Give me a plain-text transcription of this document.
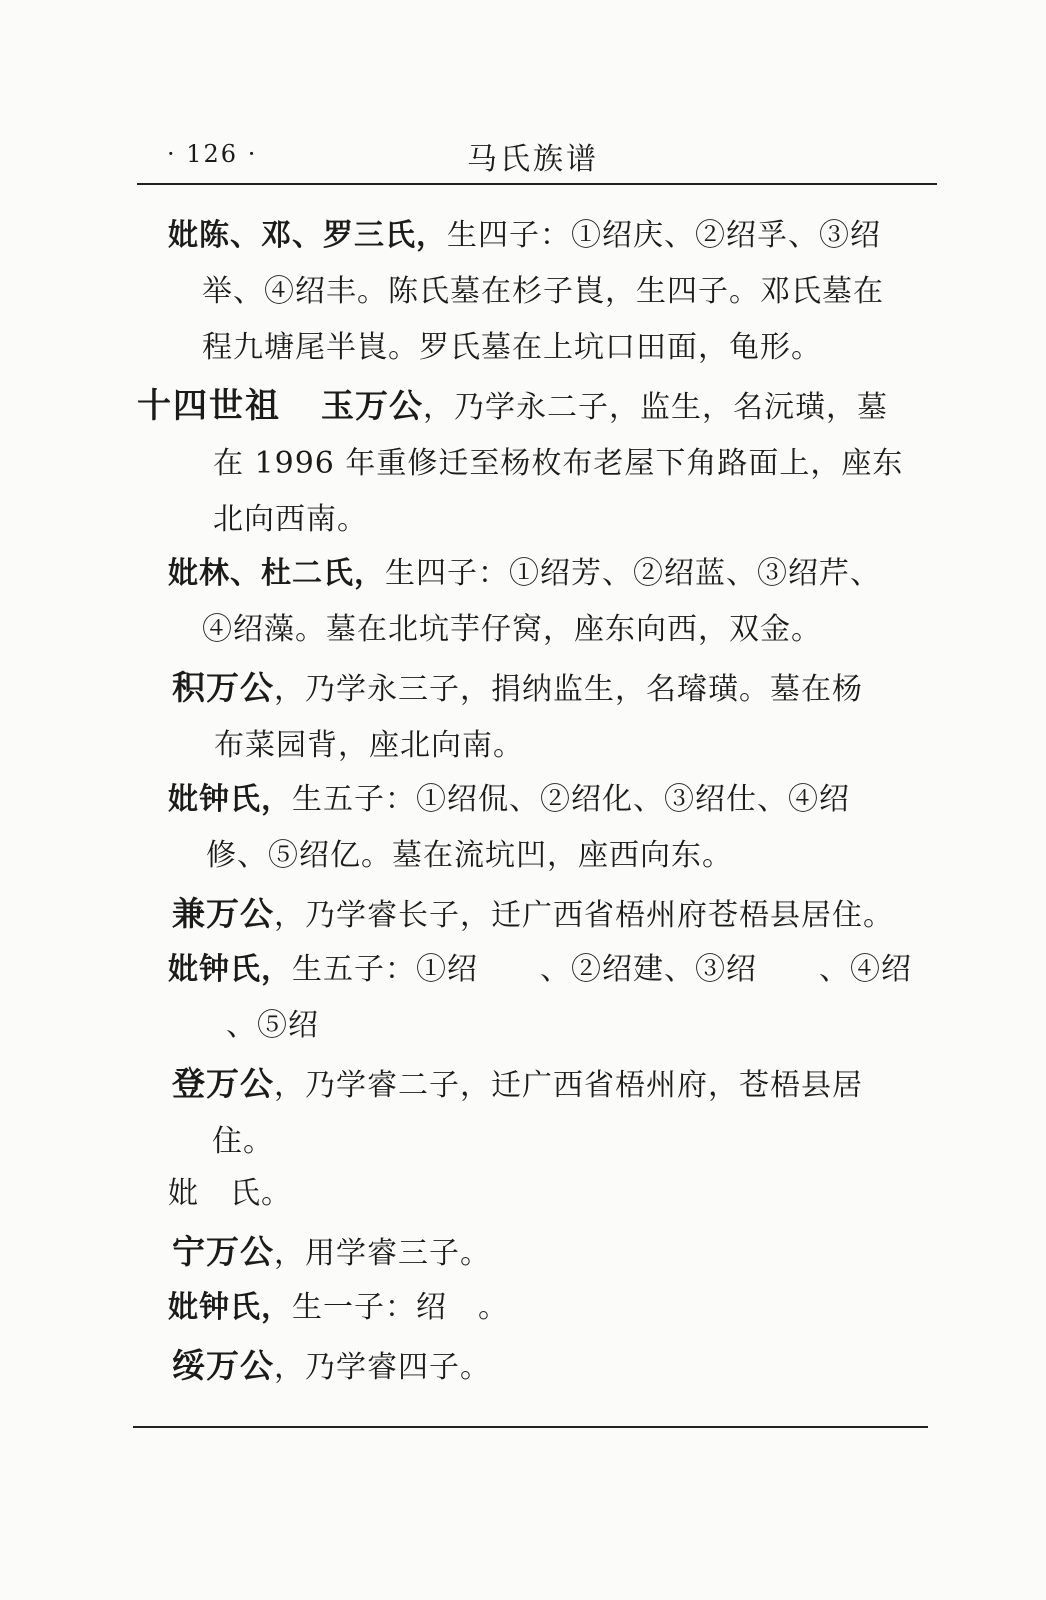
· 126 ·	马氏族谱
妣陈、邓、罗三氏，生四子：①绍庆、②绍孚、③绍
举、④绍丰。陈氏墓在杉子崀，生四子。邓氏墓在
程九塘尾半崀。罗氏墓在上坑口田面，龟形。
十四世祖 玉万公，乃学永二子，监生，名沅璜，墓
在 1996 年重修迁至杨枚布老屋下角路面上，座东
北向西南。
妣林、杜二氏，生四子：①绍芳、②绍蓝、③绍芹、
④绍藻。墓在北坑芋仔窝，座东向西，双金。
积万公，乃学永三子，捐纳监生，名璿璜。墓在杨
布菜园背，座北向南。
妣钟氏，生五子：①绍侃、②绍化、③绍仕、④绍
修、⑤绍亿。墓在流坑凹，座西向东。
兼万公，乃学睿长子，迁广西省梧州府苍梧县居住。
妣钟氏，生五子：①绍　　、②绍建、③绍　　、④绍
、⑤绍
登万公，乃学睿二子，迁广西省梧州府，苍梧县居
住。
妣　氏。
宁万公，用学睿三子。
妣钟氏，生一子：绍　。
绥万公，乃学睿四子。
